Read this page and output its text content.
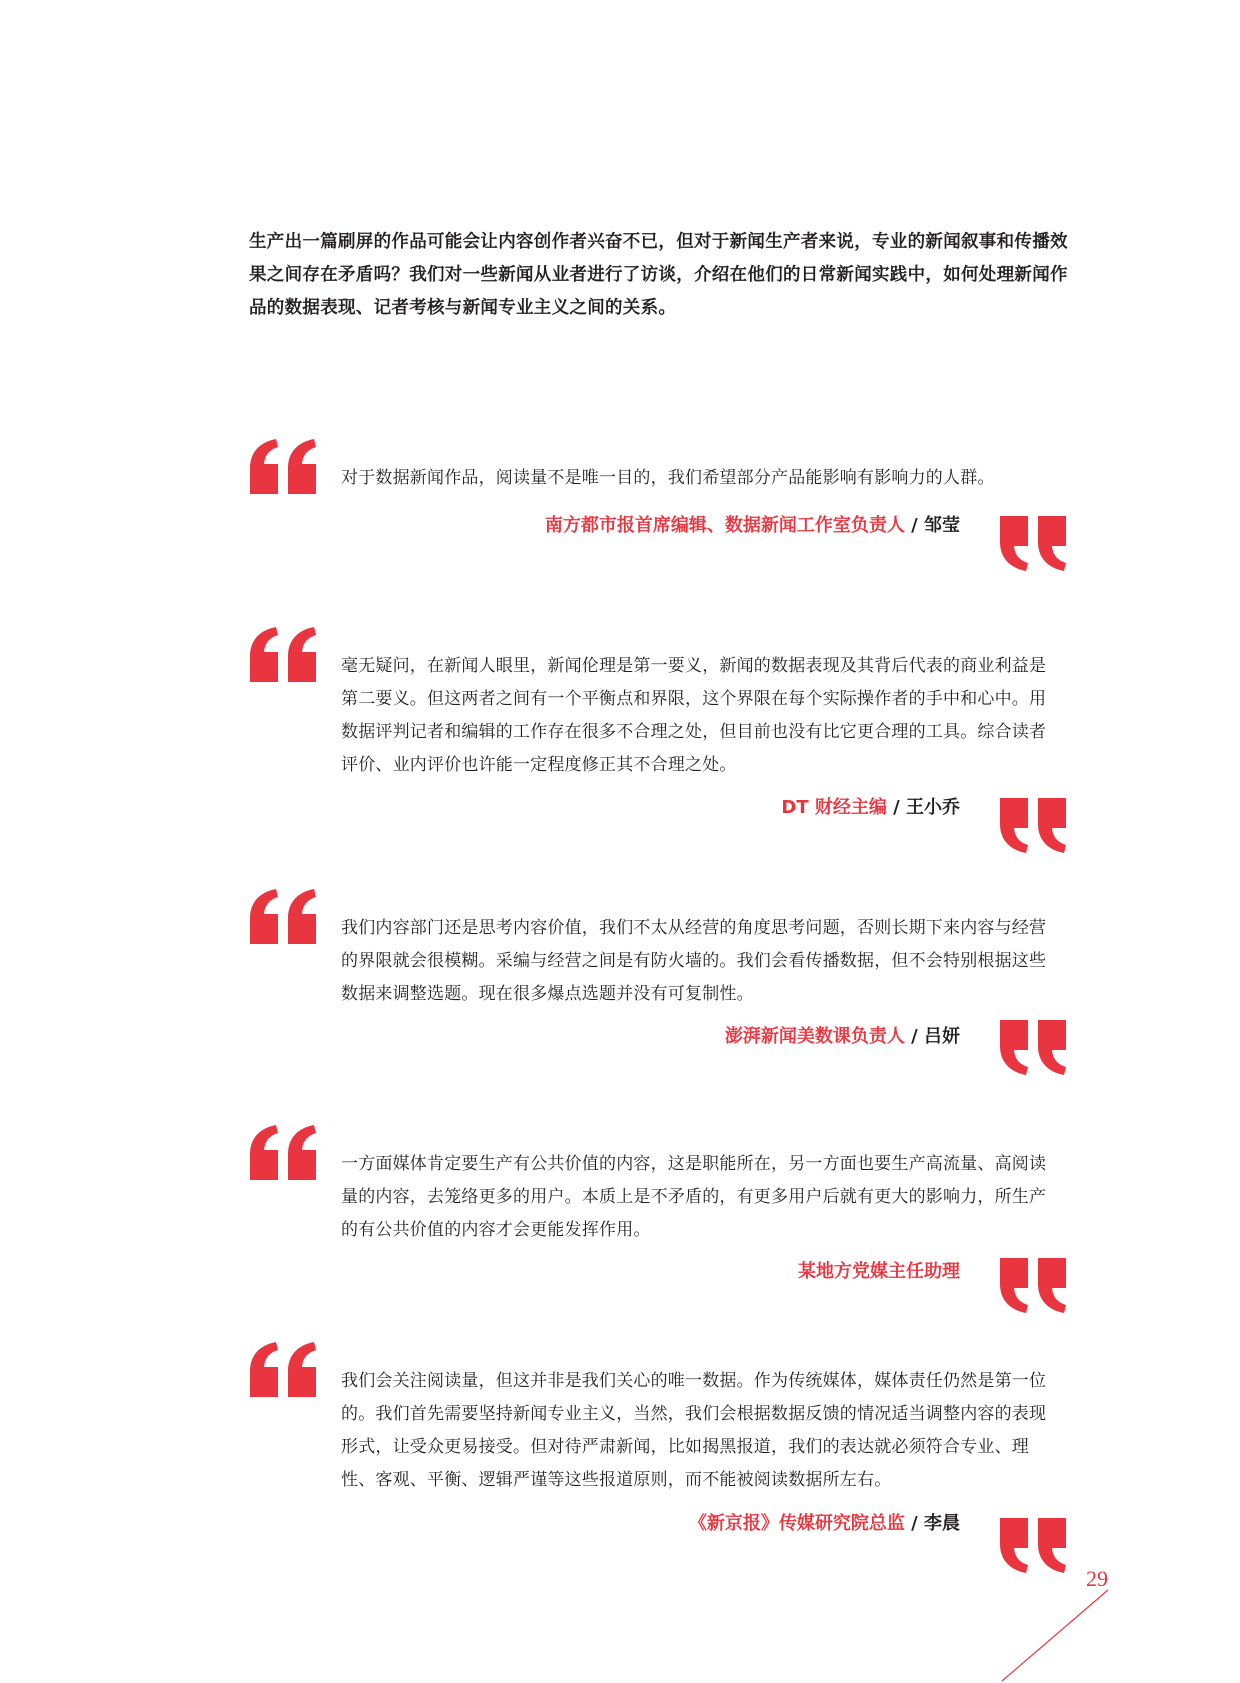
生产出一篇刷屏的作品可能会让内容创作者兴奋不已，但对于新闻生产者来说，专业的新闻叙事和传播效果之间存在矛盾吗？我们对一些新闻从业者进行了访谈，介绍在他们的日常新闻实践中，如何处理新闻作品的数据表现、记者考核与新闻专业主义之间的关系。
对于数据新闻作品，阅读量不是唯一目的，我们希望部分产品能影响有影响力的人群。
南方都市报首席编辑、数据新闻工作室负责人 / 邹莹
毫无疑问，在新闻人眼里，新闻伦理是第一要义，新闻的数据表现及其背后代表的商业利益是第二要义。但这两者之间有一个平衡点和界限，这个界限在每个实际操作者的手中和心中。用数据评判记者和编辑的工作存在很多不合理之处，但目前也没有比它更合理的工具。综合读者评价、业内评价也许能一定程度修正其不合理之处。
DT 财经主编 / 王小乔
我们内容部门还是思考内容价值，我们不太从经营的角度思考问题，否则长期下来内容与经营的界限就会很模糊。采编与经营之间是有防火墙的。我们会看传播数据，但不会特别根据这些数据来调整选题。现在很多爆点选题并没有可复制性。
澎湃新闻美数课负责人 / 吕妍
一方面媒体肯定要生产有公共价值的内容，这是职能所在，另一方面也要生产高流量、高阅读量的内容，去笼络更多的用户。本质上是不矛盾的，有更多用户后就有更大的影响力，所生产的有公共价值的内容才会更能发挥作用。
某地方党媒主任助理
我们会关注阅读量，但这并非是我们关心的唯一数据。作为传统媒体，媒体责任仍然是第一位的。我们首先需要坚持新闻专业主义，当然，我们会根据数据反馈的情况适当调整内容的表现形式，让受众更易接受。但对待严肃新闻，比如揭黑报道，我们的表达就必须符合专业、理性、客观、平衡、逻辑严谨等这些报道原则，而不能被阅读数据所左右。
《新京报》传媒研究院总监 / 李晨
29
